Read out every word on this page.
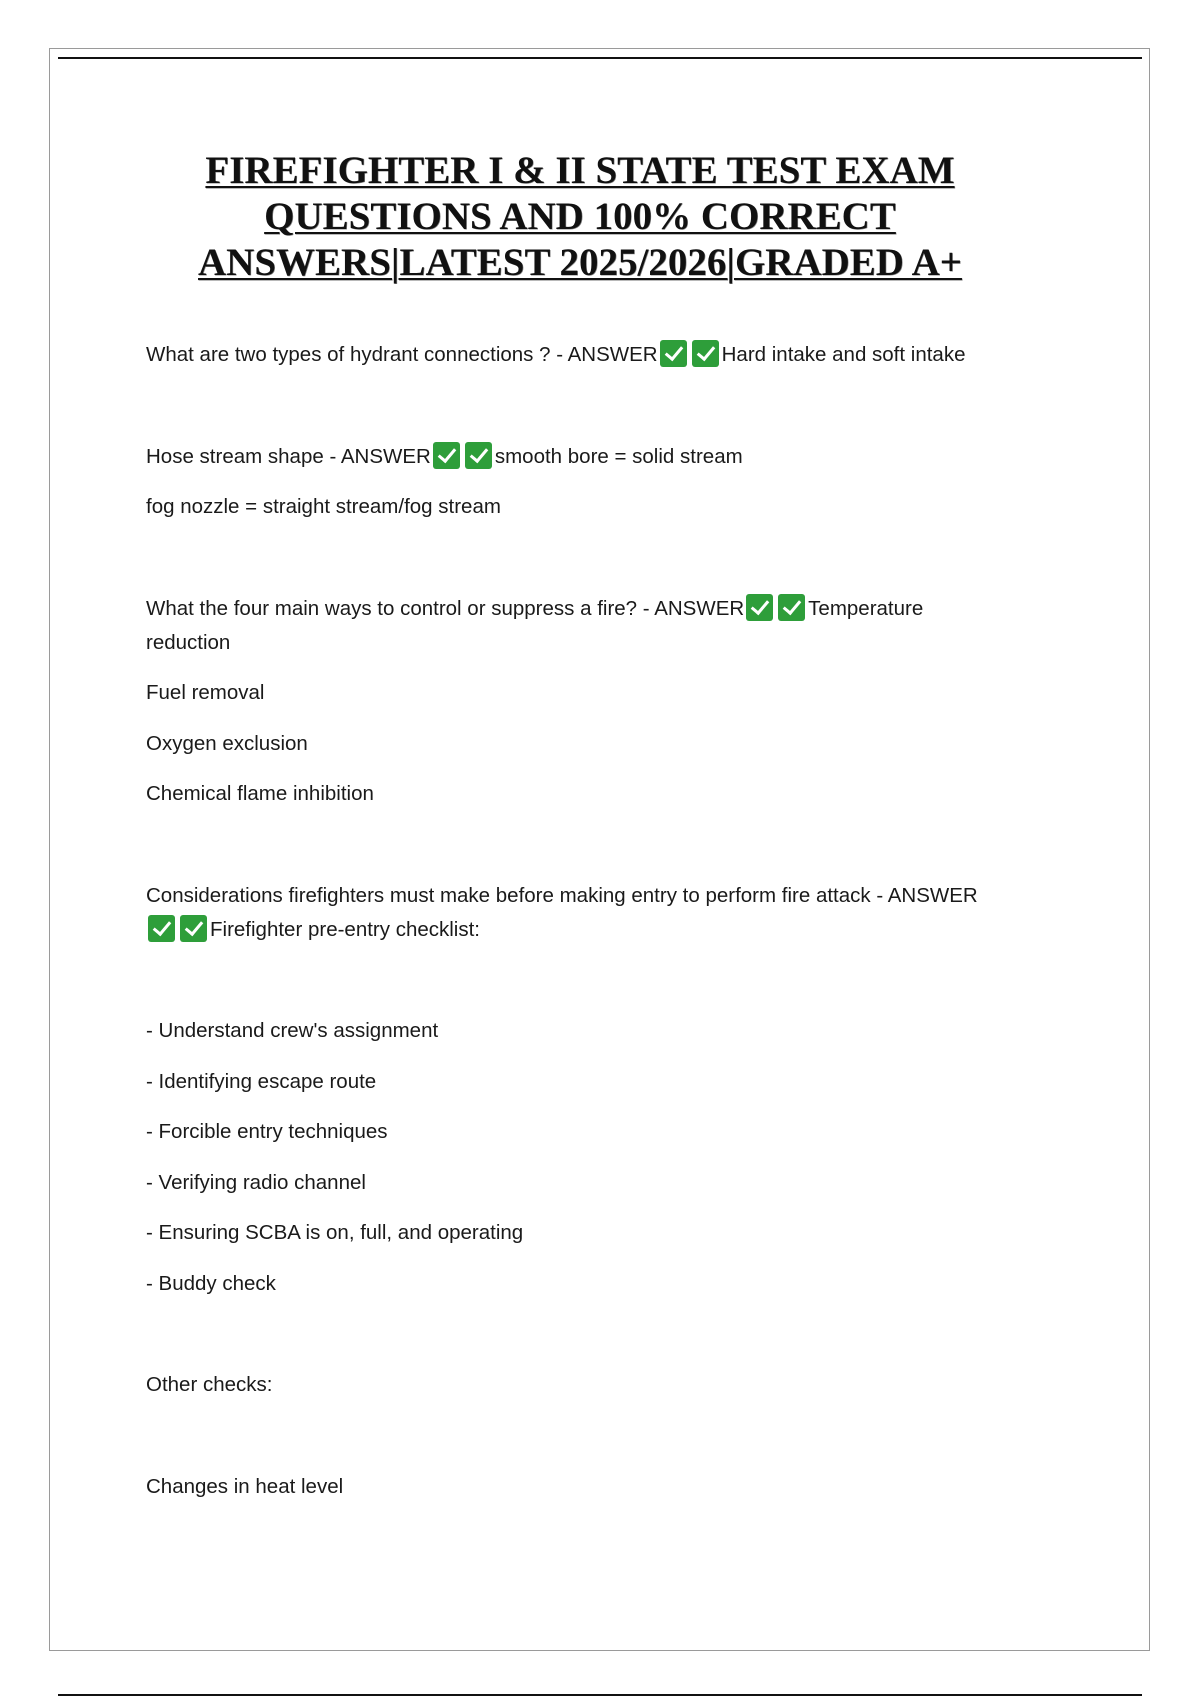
FIREFIGHTER I & II STATE TEST EXAM
QUESTIONS AND 100% CORRECT
ANSWERS|LATEST 2025/2026|GRADED A+
What are two types of hydrant connections ? - ANSWER	Hard intake and soft intake
Hose stream shape - ANSWER	smooth bore = solid stream
fog nozzle = straight stream/fog stream
What the four main ways to control or suppress a fire? - ANSWER	Temperature reduction
Fuel removal
Oxygen exclusion
Chemical flame inhibition
Considerations firefighters must make before making entry to perform fire attack - ANSWERFirefighter pre-entry checklist:
- Understand crew's assignment
- Identifying escape route
- Forcible entry techniques
- Verifying radio channel
- Ensuring SCBA is on, full, and operating
- Buddy check
Other checks:
Changes in heat level
